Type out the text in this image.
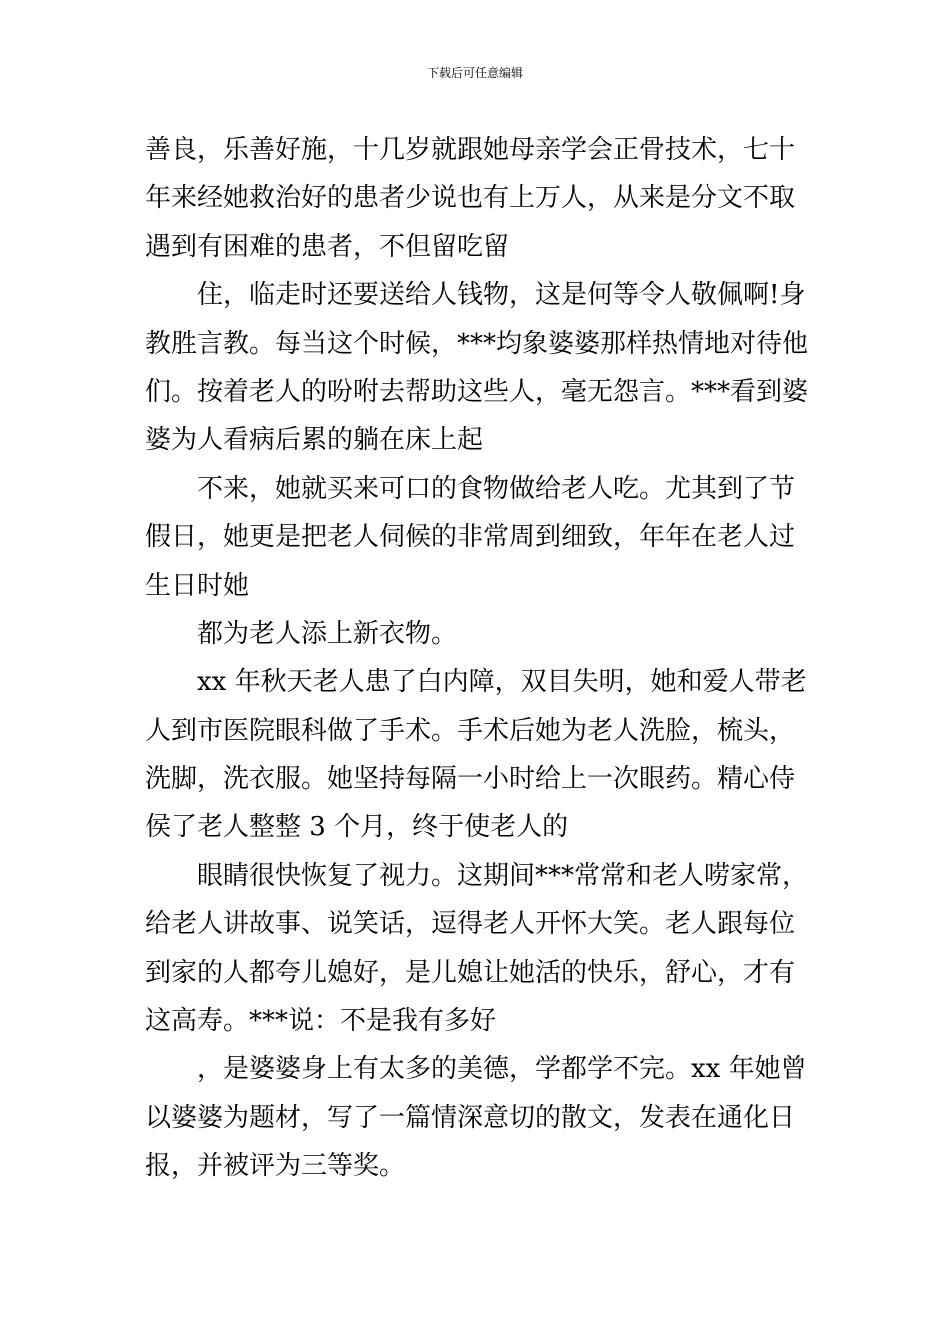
下载后可任意编辑
善良，乐善好施，十几岁就跟她母亲学会正骨技术，七十
年来经她救治好的患者少说也有上万人，从来是分文不取
遇到有困难的患者，不但留吃留
住，临走时还要送给人钱物，这是何等令人敬佩啊!身
教胜言教。每当这个时候，***均象婆婆那样热情地对待他
们。按着老人的吩咐去帮助这些人，毫无怨言。***看到婆
婆为人看病后累的躺在床上起
不来，她就买来可口的食物做给老人吃。尤其到了节
假日，她更是把老人伺候的非常周到细致，年年在老人过
生日时她
都为老人添上新衣物。
xx 年秋天老人患了白内障，双目失明，她和爱人带老
人到市医院眼科做了手术。手术后她为老人洗脸，梳头，
洗脚，洗衣服。她坚持每隔一小时给上一次眼药。精心侍
侯了老人整整 3 个月，终于使老人的
眼睛很快恢复了视力。这期间***常常和老人唠家常，
给老人讲故事、说笑话，逗得老人开怀大笑。老人跟每位
到家的人都夸儿媳好，是儿媳让她活的快乐，舒心，才有
这高寿。***说：不是我有多好
，是婆婆身上有太多的美德，学都学不完。xx 年她曾
以婆婆为题材，写了一篇情深意切的散文，发表在通化日
报，并被评为三等奖。
